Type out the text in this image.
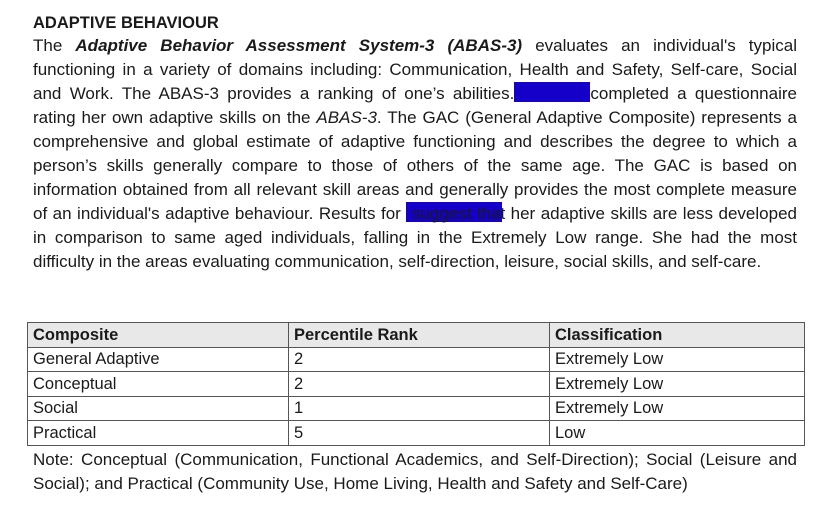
ADAPTIVE BEHAVIOUR

The Adaptive Behavior Assessment System-3 (ABAS-3) evaluates an individual's typical functioning in a variety of domains including: Communication, Health and Safety, Self-care, Social and Work. The ABAS-3 provides a ranking of one’s abilities.	completed a questionnaire rating her own adaptive skills on the ABAS-3. The GAC (General Adaptive Composite) represents a comprehensive and global estimate of adaptive functioning and describes the degree to which a person’s skills generally compare to those of others of the same age. The GAC is based on information obtained from all relevant skill areas and generally provides the most complete measure of an individual's adaptive behaviour. Results for  suggest that her adaptive skills are less developed in comparison to same aged individuals, falling in the Extremely Low range. She had the most difficulty in the areas evaluating communication, self-direction, leisure, social skills, and self-care.

Composite	Percentile Rank	Classification
General Adaptive	2	Extremely Low
Conceptual	2	Extremely Low
Social	1	Extremely Low
Practical	5	Low

Note: Conceptual (Communication, Functional Academics, and Self-Direction); Social (Leisure and Social); and Practical (Community Use, Home Living, Health and Safety and Self-Care)
